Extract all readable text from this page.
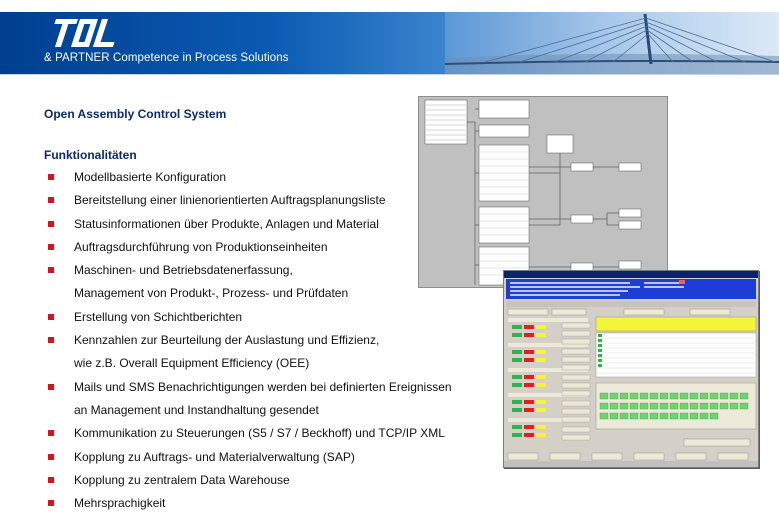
& PARTNER Competence in Process Solutions
Open Assembly Control System
Funktionalitäten
Modellbasierte Konfiguration
Bereitstellung einer linienorientierten Auftragsplanungsliste
Statusinformationen über Produkte, Anlagen und Material
Auftragsdurchführung von Produktionseinheiten
Maschinen- und Betriebsdatenerfassung,
Management von Produkt-, Prozess- und Prüfdaten
Erstellung von Schichtberichten
Kennzahlen zur Beurteilung der Auslastung und Effizienz,
wie z.B. Overall Equipment Efficiency (OEE)
Mails und SMS Benachrichtigungen werden bei definierten Ereignissen
an Management und Instandhaltung gesendet
Kommunikation zu Steuerungen (S5 / S7 / Beckhoff) und TCP/IP XML
Kopplung zu Auftrags- und Materialverwaltung (SAP)
Kopplung zu zentralem Data Warehouse
Mehrsprachigkeit
